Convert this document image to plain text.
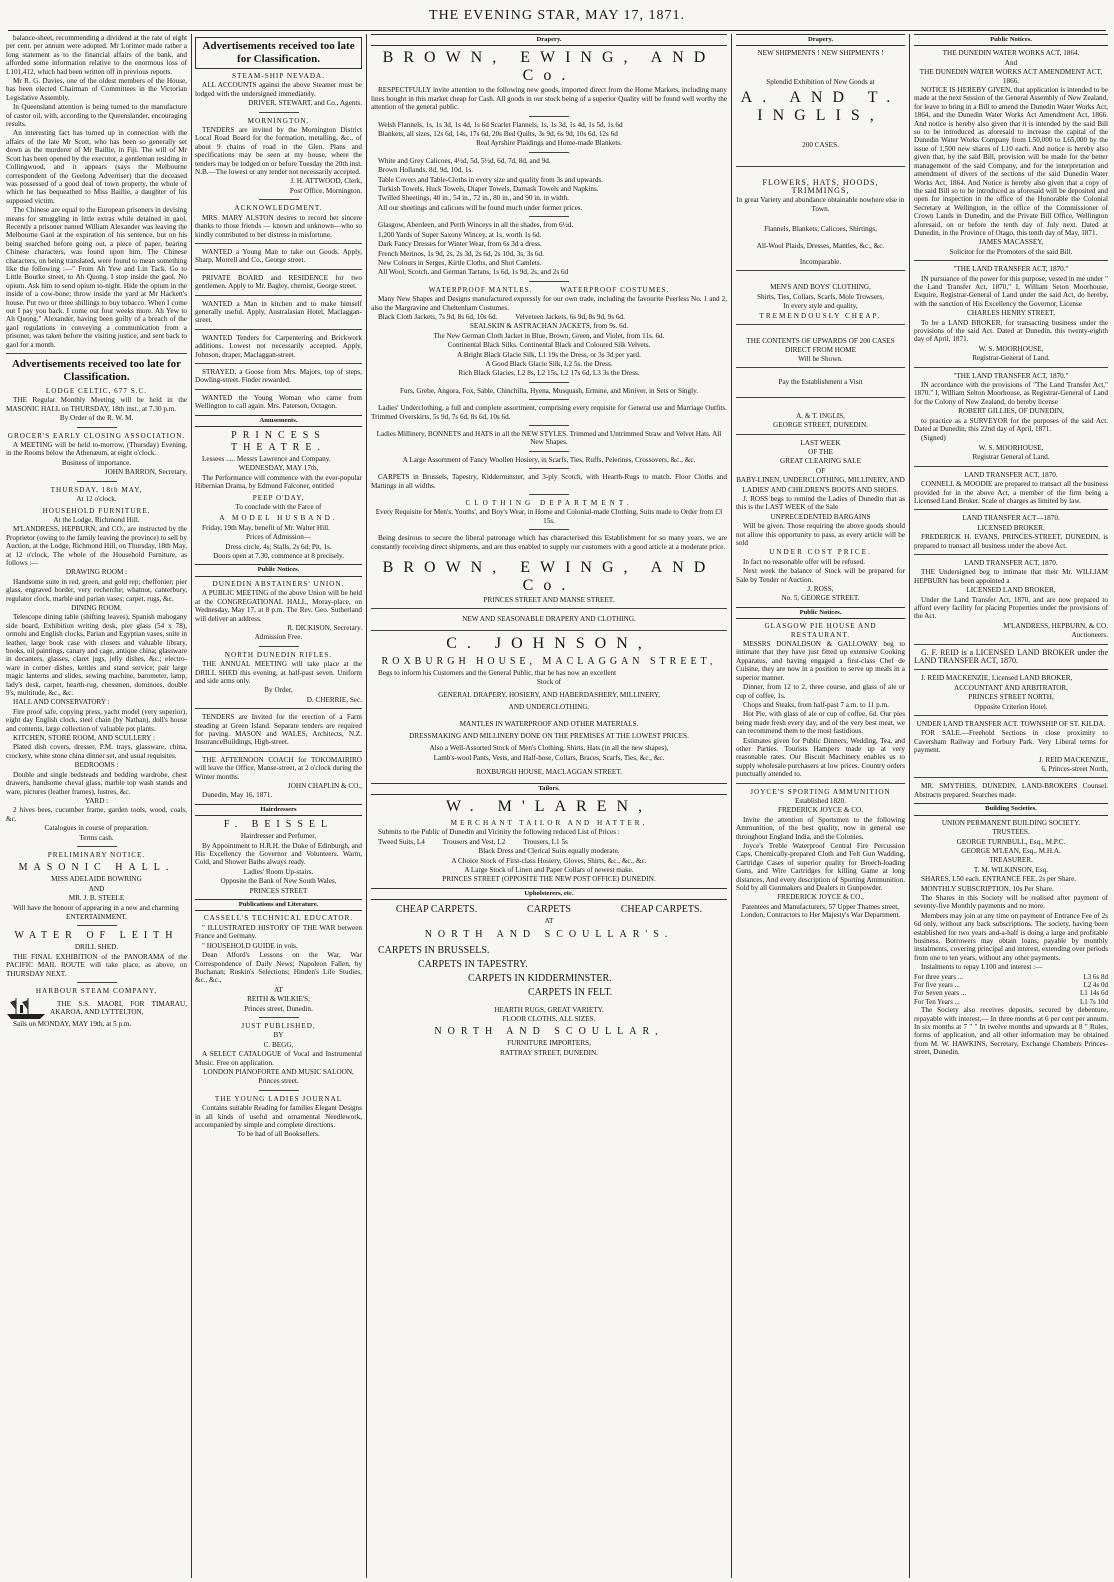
THE EVENING STAR, MAY 17, 1871.

balance-sheet, recommending a dividend at the rate of eight per cent. per annum were adopted. Mr Lorimer made rather a long statement as to the financial affairs of the bank, and afforded some information relative to the enormous loss of L101,412, which had been written off in previous reports.

Mr R. G. Davies, one of the oldest members of the House, has been elected Chairman of Committees in the Victorian Legislative Assembly.

In Queensland attention is being turned to the manufacture of castor oil, with, according to the Queenslander, encouraging results.

An interesting fact has turned up in connection with the affairs of the late Mr Scott, who has been so generally set down as the murderer of Mr Baillie, in Fiji. The will of Mr Scott has been opened by the executor, a gentleman residing in Collingwood, and it appears (says the Melbourne correspondent of the Geelong Advertiser) that the deceased was possessed of a good deal of town property, the whole of which he has bequeathed to Miss Baillie, a daughter of his supposed victim.

The Chinese are equal to the European prisoners in devising means for smuggling in little extras while detained in gaol. Recently a prisoner named William Alexander was leaving the Melbourne Gaol at the expiration of his sentence, but on his being searched before going out, a piece of paper, bearing Chinese characters, was found upon him. The Chinese characters, on being translated, were found to mean something like the following :—" From Ah Yew and Lin Tack. Go to Little Bourke street, to Ah Quong. I stop inside the gaol. No opium. Ask him to send opium to-night. Hide the opium in the inside of a cow-bone; throw inside the yard at Mr Hackett's house. Put two or three shillings to buy tobacco. When I come out I pay you back. I come out four weeks more. Ah Yew to Ah Quong." Alexander, having been guilty of a breach of the gaol regulations in conveying a communication from a prisoner, was taken before the visiting justice, and sent back to gaol for a month.

Advertisements received too late for Classification.
LODGE CELTIC, 677 S.C.

THE Regular Monthly Meeting will be held in the MASONIC HALL on THURSDAY, 18th inst., at 7.30 p.m.

By Order of the R. W. M.

GROCER'S EARLY CLOSING ASSOCIATION.

A MEETING will be held to-morrow, (Thursday) Evening, in the Rooms below the Athenæum, at eight o'clock.

Business of importance.

JOHN BARRON, Secretary.

THURSDAY, 18th MAY,

At 12 o'clock.

HOUSEHOLD FURNITURE.

At the Lodge, Richmond Hill.

M'LANDRESS, HEPBURN, and CO., are instructed by the Proprietor (owing to the family leaving the province) to sell by Auction, at the Lodge, Richmond Hill, on Thursday, 18th May, at 12 o'clock, The whole of the Household Furniture, as follows :—

DRAWING ROOM :

Handsome suite in red, green, and gold rep; cheffonier; pier glass, engraved border, very recherche; whatnot, canterbury, regulator clock, marble and parian vases; carpet, rugs, &c.

DINING ROOM.

Telescope dining table (shifting leaves), Spanish mahogany side board, Exhibition writing desk, pier glass (54 x 78), ormolu and English clocks, Parian and Egyptian vases, suite in leather, large book case with closets and valuable library, books, oil paintings, canary and cage, antique china; glassware in decanters, glasses, claret jugs, jelly dishes, &c.; electro-ware in corner dishes, kettles and stand service; pair large magic lanterns and slides, sewing machine, barometer, lamp, lady's desk, carpet, hearth-rug, chessmen, dominoes, double 9's, multitude, &c., &c.

HALL AND CONSERVATORY :

Fire proof safe, copying press, yacht model (very superior), eight day English clock, steel chain (by Nathan), doll's house and contents, large collection of valuable pot plants.

KITCHEN, STORE ROOM, AND SCULLERY :

Plated dish covers, dresser, P.M. trays, glassware, china, crockery, white stone china dinner set, and usual requisites.

BEDROOMS :

Double and single bedsteads and bedding wardrobe, chest drawers, handsome cheval glass, marble top wash stands and ware, pictures (leather frames), lustres, &c.

YARD :

2 hives bees, cucumber frame, garden tools, wood, coals, &c.

Catalogues in course of preparation.

Terms cash.

PRELIMINARY NOTICE.
MASONIC HALL.

MISS ADELAIDE BOWRING

AND

MR. J. B. STEELE

Will have the honour of appearing in a new and charming

ENTERTAINMENT.

WATER OF LEITH

DRILL SHED.

THE FINAL EXHIBITION of the PANORAMA of the PACIFIC MAIL ROUTE will take place, as above, on THURSDAY NEXT.

HARBOUR STEAM COMPANY,

THE S.S. MAORI, FOR TIMARAU, AKAROA, AND LYTTELTON,

Sails on MONDAY, MAY 19th, at 5 p.m.

Advertisements received too late for Classification.
STEAM-SHIP NEVADA.

ALL ACCOUNTS against the above Steamer must be lodged with the undersigned immediately.

DRIVER, STEWART, and Co., Agents.

MORNINGTON.

TENDERS are invited by the Mornington District Local Road Board for the formation, metalling, &c., of about 9 chains of road in the Glen. Plans and specifications may be seen at my house, where the tenders may be lodged on or before Tuesday the 20th inst. N.B.—The lowest or any tender not necessarily accepted.

J. H. ATTWOOD, Clerk,

Post Office, Mornington.

ACKNOWLEDGMENT.

MRS. MARY ALSTON desires to record her sincere thanks to those friends — known and unknown—who so kindly contributed to her distress in misfortune.

WANTED a Young Man to take out Goods. Apply, Sharp, Morrell and Co., George street.

PRIVATE BOARD and RESIDENCE for two gentlemen. Apply to Mr. Bagley, chemist, George street.

WANTED a Man in kitchen and to make himself generally useful. Apply, Australasian Hotel, Maclaggan-street.

WANTED Tenders for Carpentering and Brickwork additions. Lowest not necessarily accepted. Apply, Johnson, draper, Maclaggan-street.

STRAYED, a Goose from Mrs. Majors, top of steps, Dowling-street. Finder rewarded.

WANTED the Young Woman who came from Wellington to call again. Mrs. Paterson, Octagon.

Amusements.
PRINCESS THEATRE.

Lessees ..... Messrs Lawrence and Company.

WEDNESDAY, MAY 17th,

The Performance will commence with the ever-popular Hibernian Drama, by Edmund Falconer, entitled

PEEP O'DAY,

To conclude with the Farce of

A MODEL HUSBAND.

Friday, 19th May, benefit of Mr. Walter Hill.

Prices of Admission—

Dress circle, 4s; Stalls, 2s 6d; Pit, 1s.

Doors open at 7.30, commence at 8 precisely.

Public Notices.
DUNEDIN ABSTAINERS' UNION.

A PUBLIC MEETING of the above Union will be held at the CONGREGATIONAL HALL, Moray-place, on Wednesday, May 17, at 8 p.m. The Rev. Geo. Sutherland will deliver an address.

R. DICKISON, Secretary.

Admission Free.

NORTH DUNEDIN RIFLES.

THE ANNUAL MEETING will take place at the DRILL SHED this evening, at half-past seven. Uniform and side arms only.

By Order,

D. CHERRIE, Sec.

TENDERS are Invited for the erection of a Farm steading at Green Island. Separate tenders are required for paving. MASON and WALES, Architects, N.Z. InsuranceBuildings, High-street.

THE AFTERNOON COACH for TOKOMAIRIRO will leave the Office, Manse-street, at 2 o'clock during the Winter months.

JOHN CHAPLIN & CO.,

Dunedin, May 16, 1871.

Hairdressers
F. BEISSEL

Hairdresser and Perfumer,

By Appointment to H.R.H. the Duke of Edinburgh, and His Excellency the Governor and Volunteers. Warm, Cold, and Shower Baths always ready.

Ladies' Room Up-stairs.

Opposite the Bank of New South Wales,

PRINCES STREET

Publications and Literature.
CASSELL'S TECHNICAL EDUCATOR.

" ILLUSTRATED HISTORY OF THE WAR between France and Germany.

" HOUSEHOLD GUIDE in vols.

Dean Alford's Lessons on the War, War Correspondence of Daily News; Napoleon Fallen, by Buchanan; Ruskin's Selections; Hinden's Life Studies, &c., &c.,

AT

REITH & WILKIE'S,

Princes street, Dunedin.

JUST PUBLISHED,

BY

C. BEGG,

A SELECT CATALOGUE of Vocal and Instrumental Music. Free on application.

LONDON PIANOFORTE AND MUSIC SALOON,

Princes street.

THE YOUNG LADIES JOURNAL

Contains suitable Reading for families Elegant Designs in all kinds of useful and ornamental Needlework, accompanied by simple and complete directions.

To be had of all Booksellers.

Drapery.
BROWN, EWING, AND Co.

RESPECTFULLY invite attention to the following new goods, imported direct from the Home Markets, including many lines bought in this market cheap for Cash. All goods in our stock being of a superior Quality will be found well worthy the attention of the general public.

Welsh Flannels, 1s, 1s 3d, 1s 4d, 1s 6d Scarlet Flannels, 1s, 1s 3d, 1s 4d, 1s 5d, 1s 6d

Blankets, all sizes, 12s 6d, 14s, 17s 6d, 20s Bed Quilts, 3s 9d, 6s 9d, 10s 6d, 12s 6d

Real Ayrshire Plaidings and Home-made Blankets.

White and Grey Calicoes, 4½d, 5d, 5½d, 6d, 7d, 8d, and 9d.

Brown Hollands, 8d, 9d, 10d, 1s.

Table Covers and Table-Cloths in every size and quality from 3s and upwards.

Turkish Towels, Huck Towels, Diaper Towels, Damask Towels and Napkins.

Twilled Sheetings, 40 in., 54 in., 72 in., 80 in., and 90 in. in width.

All our sheetings and calicoes will be found much under former prices.

Glasgow, Aberdeen, and Perth Winceys in all the shades, from 6½d.

1,200 Yards of Super Saxony Wincey, at 1s, worth 1s 6d.

Dark Fancy Dresses for Winter Wear, from 6s 3d a dress.

French Merinos, 1s 9d, 2s, 2s 3d, 2s 6d, 2s 10d, 3s, 3s 6d.

New Colours in Serges, Kirtle Cloths, and Shot Camlets.

All Wool, Scotch, and German Tartans, 1s 6d, 1s 9d, 2s, and 2s 6d

WATERPROOF MANTLES.          WATERPROOF COSTUMES.

Many New Shapes and Designs manufactured expressly for our own trade, including the favourite Peerless No. 1 and 2, also the Margravine and Cheltenham Costumes.

Black Cloth Jackets, 7s 9d, 8s 6d, 10s 6d.          Velveteen Jackets, 6s 9d, 8s 9d, 9s 6d.

SEALSKIN & ASTRACHAN JACKETS, from 9s. 6d.

The New German Cloth Jacket in Blue, Brown, Green, and Violet, from 11s. 6d.

Continental Black Silks. Continental Black and Coloured Silk Velvets.

A Bright Black Glacie Silk, L1 19s the Dress, or 3s 3d per yard.

A Good Black Glacie Silk, L2 5s. the Dress.

Rich Black Glacies, L2 8s, L2 15s, L2 17s 6d, L3 3s the Dress.

Furs, Grebe, Angora, Fox, Sable, Chinchilla, Hyena, Musquash, Ermine, and Miniver, in Sets or Singly.

Ladies' Underclothing, a full and complete assortment, comprising every requisite for General use and Marriage Outfits. Trimmed Overskirts, 5s 9d, 7s 6d, 8s 6d, 10s 6d.

Ladies Millinery, BONNETS and HATS in all the NEW STYLES. Trimmed and Untrimmed Straw and Velvet Hats. All New Shapes.

A Large Assortment of Fancy Woollen Hosiery, in Scarfs, Ties, Ruffs, Pelerines, Crossovers, &c., &c.

CARPETS in Brussels, Tapestry, Kidderminster, and 3-ply Scotch, with Hearth-Rugs to match. Floor Cloths and Mattings in all widths.

CLOTHING DEPARTMENT.

Every Requisite for Men's, Youths', and Boy's Wear, in Home and Colonial-made Clothing, Suits made to Order from £3 15s.

Being desirous to secure the liberal patronage which has characterised this Establishment for so many years, we are constantly receiving direct shipments, and are thus enabled to supply our customers with a good article at a moderate price.

BROWN, EWING, AND Co.

PRINCES STREET AND MANSE STREET.

NEW AND SEASONABLE DRAPERY AND CLOTHING.

C. JOHNSON,
ROXBURGH HOUSE, MACLAGGAN STREET,

Begs to inform his Customers and the General Public, that he has now an excellent

Stock of

GENERAL DRAPERY, HOSIERY, AND HABERDASHERY, MILLINERY,

AND UNDERCLOTHING.

MANTLES IN WATERPROOF AND OTHER MATERIALS.

DRESSMAKING AND MILLINERY DONE ON THE PREMISES AT THE LOWEST PRICES.

Also a Well-Assorted Stock of Men's Clothing, Shirts, Hats (in all the new shapes),

Lamb's-wool Pants, Vests, and Half-hose, Collars, Braces, Scarfs, Ties, &c., &c.

ROXBURGH HOUSE, MACLAGGAN STREET.

Tailors.
W. M'LAREN,
MERCHANT TAILOR AND HATTER,

Submits to the Public of Dunedin and Vicinity the following reduced List of Prices :

Tweed Suits, L4          Trousers and Vest, L2          Trousers, L1 5s

Black Dress and Clerical Suits equally moderate.

A Choice Stock of First-class Hosiery, Gloves, Shirts, &c., &c., &c.

A Large Stock of Linen and Paper Collars of newest make.

PRINCES STREET (OPPOSITE THE NEW POST OFFICE) DUNEDIN.

Upholsterers, etc.
CHEAP CARPETS.	CARPETS	CHEAP CARPETS.

AT

NORTH AND SCOULLAR'S.

CARPETS IN BRUSSELS.

CARPETS IN TAPESTRY.

CARPETS IN KIDDERMINSTER.

CARPETS IN FELT.

HEARTH RUGS, GREAT VARIETY.

FLOOR CLOTHS, ALL SIZES.

NORTH AND SCOULLAR,

FURNITURE IMPORTERS,

RATTRAY STREET, DUNEDIN.

Drapery.

NEW SHIPMENTS ! NEW SHIPMENTS !

Splendid Exhibition of New Goods at

A. AND T. INGLIS,

200 CASES.

FLOWERS, HATS, HOODS, TRIMMINGS,

In great Variety and abundance obtainable nowhere else in Town.

Flannels, Blankets, Calicoes, Shirtings,

All-Wool Plaids, Dresses, Mantles, &c., &c.

Incomparable.

MEN'S AND BOYS' CLOTHING,

Shirts, Ties, Collars, Scarfs, Mole Trowsers,

In every style and quality,

TREMENDOUSLY CHEAP.

THE CONTENTS OF UPWARDS OF 200 CASES DIRECT FROM HOME

Will be Shown.

Pay the Establishment a Visit

A. & T. INGLIS,

GEORGE STREET, DUNEDIN.

LAST WEEK

OF THE

GREAT CLEARING SALE

OF

BABY-LINEN, UNDERCLOTHING, MILLINERY, AND

LADIES' AND CHILDREN'S BOOTS AND SHOES.

J. ROSS begs to remind the Ladies of Dunedin that as this is the LAST WEEK of the Sale

UNPRECEDENTED BARGAINS

Will be given. Those requiring the above goods should not allow this opportunity to pass, as every article will be sold

UNDER COST PRICE.

In fact no reasonable offer will be refused.

Next week the balance of Stock will be prepared for Sale by Tender or Auction.

J. ROSS,

No. 5, GEORGE STREET.

Public Notices.
GLASGOW PIE HOUSE AND RESTAURANT.

MESSRS DONALDSON & GALLOWAY beg to intimate that they have just fitted up extensive Cooking Apparatus, and having engaged a first-class Chef de Cuisine, they are now in a position to serve up meals in a superior manner.

Dinner, from 12 to 2, three course, and glass of ale or cup of coffee, 1s.

Chops and Steaks, from half-past 7 a.m. to 11 p.m.

Hot Pie, with glass of ale or cup of coffee, 6d. Our pies being made fresh every day, and of the very best meat, we can recommend them to the most fastidious.

Estimates given for Public Dinners, Wedding, Tea, and other Parties. Tourists Hampers made up at very reasonable rates. Our Biscuit Machinery enables us to supply wholesale purchasers at low prices. Country orders punctually attended to.

JOYCE'S SPORTING AMMUNITION

Established 1820.

FREDERICK JOYCE & CO.

Invite the attention of Sportsmen to the following Ammunition, of the best quality, now in general use throughout England India, and the Colonies.

Joyce's Treble Waterproof Central Fire Percussion Caps, Chemically-prepared Cloth and Felt Gun Wadding, Cartridge Cases of superior quality for Breech-loading Guns, and Wire Cartridges for killing Game at long distances, And every description of Sporting Ammunition. Sold by all Gunmakers and Dealers in Gunpowder.

FREDERICK JOYCE & CO.,

Patentees and Manufacturers, 57 Upper Thames street, London, Contractors to Her Majesty's War Department.

Public Notices.

THE DUNEDIN WATER WORKS ACT, 1864.

And

THE DUNEDIN WATER WORKS ACT AMENDMENT ACT, 1866.

NOTICE IS HEREBY GIVEN, that application is intended to be made at the next Session of the General Assembly of New Zealand, for leave to bring in a Bill to amend the Dunedin Water Works Act, 1864, and the Dunedin Water Works Act Amendment Act, 1866. And notice is hereby also given that it is intended by the said Bill so to be introduced as aforesaid to increase the capital of the Dunedin Water Works Company from L50,000 to L65,000 by the issue of 1,500 new shares of L10 each. And notice is hereby also given that, by the said Bill, provision will be made for the better management of the said Company, and for the interpretation and amendment of divers of the sections of the said Dunedin Water Works Act, 1864. And Notice is hereby also given that a copy of the said Bill so to be introduced as aforesaid will be deposited and open for inspection in the office of the Honorable the Colonial Secretary at Wellington, in the office of the Commissioner of Crown Lands in Dunedin, and the Private Bill Office, Wellington aforesaid, on or before the tenth day of July next. Dated at Dunedin, in the Province of Otago, this tenth day of May, 1871.

JAMES MACASSEY,

Solicitor for the Promoters of the said Bill.

"THE LAND TRANSFER ACT, 1870."

IN pursuance of the power for this purpose, vested in me under " the Land Transfer Act, 1870," I, William Seton Moorhouse, Esquire, Registrar-General of Land under the said Act, do hereby, with the sanction of His Excellency the Governor, License

CHARLES HENRY STREET,

To be a LAND BROKER, for transacting business under the provisions of the said Act. Dated at Dunedin, this twenty-eighth day of April, 1871.

W. S. MOORHOUSE,

Registrar-General of Land.

"THE LAND TRANSFER ACT, 1870."

IN accordance with the provisions of "The Land Transfer Act," 1870." I, William Selton Moorhouse, as Registrar-General of Land for the Colony of New Zealand, do hereby license

ROBERT GILLIES, OF DUNEDIN,

to practice as a SURVEYOR for the purposes of the said Act. Dated at Dunedin, this 22nd day of April, 1871.

(Signed)

W. S. MOORHOUSE,

Registrar General of Land.

LAND TRANSFER ACT, 1870.

CONNELL & MOODIE are prepared to transact all the business provided for in the above Act, a member of the firm being a Licensed Land Broker. Scale of charges as limited by law.

LAND TRANSFER ACT—1870.

LICENSED BROKER.

FREDERICK H. EVANS, PRINCES-STREET, DUNEDIN, is prepared to transact all business under the above Act.

LAND TRANSFER ACT, 1870.

THE Undersigned beg to intimate that their Mr. WILLIAM HEPBURN has been appointed a

LICENSED LAND BROKER,

Under the Land Transfer Act, 1870, and are now prepared to afford every facility for placing Properties under the provisions of the Act.

M'LANDRESS, HEPBURN, & CO.

Auctioneers.

G. F. REID is a LICENSED LAND BROKER under the LAND TRANSFER ACT, 1870.

J. REID MACKENZIE, Licensed LAND BROKER,

ACCOUNTANT AND ARBITRATOR,

PRINCES STREET NORTH,

Opposite Criterion Hotel.

UNDER LAND TRANSFER ACT. TOWNSHIP OF ST. KILDA.

FOR SALE.—Freehold Sections in close proximity to Caversham Railway and Forbury Park. Very Liberal terms for payment.

J. REID MACKENZIE,

6, Princes-street North,

MR. SMYTHIES, DUNEDIN, LAND-BROKERS Counsel. Abstracts prepared. Searches made.

Building Societies.

UNION PERMANENT BUILDING SOCIETY.

TRUSTEES.

GEORGE TURNBULL, Esq., M.P.C.

GEORGE M'LEAN, Esq., M.H.A.

TREASURER.

T. M. WILKINSON, Esq.

SHARES, L50 each. ENTRANCE FEE, 2s per Share.

MONTHLY SUBSCRIPTION, 10s Per Share.

The Shares in this Society will be realised after payment of seventy-five Monthly payments and no more.

Members may join at any time on payment of Entrance Fee of 2s 6d only, without any back subscriptions. The society, having been established for two years and-a-half is doing a large and profitable business. Borrowers may obtain loans, payable by monthly instalments, covering principal and interest, extending over periods from one to ten years, without any other payments.

Instalments to repay L100 and interest :—

For three years ...	L3 6s 8d
For five years ...	L2 4s 0d
For Seven years ...	L1 14s 6d
For Ten Years ...	L1 7s 10d

The Society also receives deposits, secured by debenture, repayable with interest,— In three months at 6 per cent per annum. In six months at 7 " " In twelve months and upwards at 8 " Rules, forms of application, and all other information may be obtained from M. W. HAWKINS, Secretary, Exchange Chambers Princes-street, Dunedin.
